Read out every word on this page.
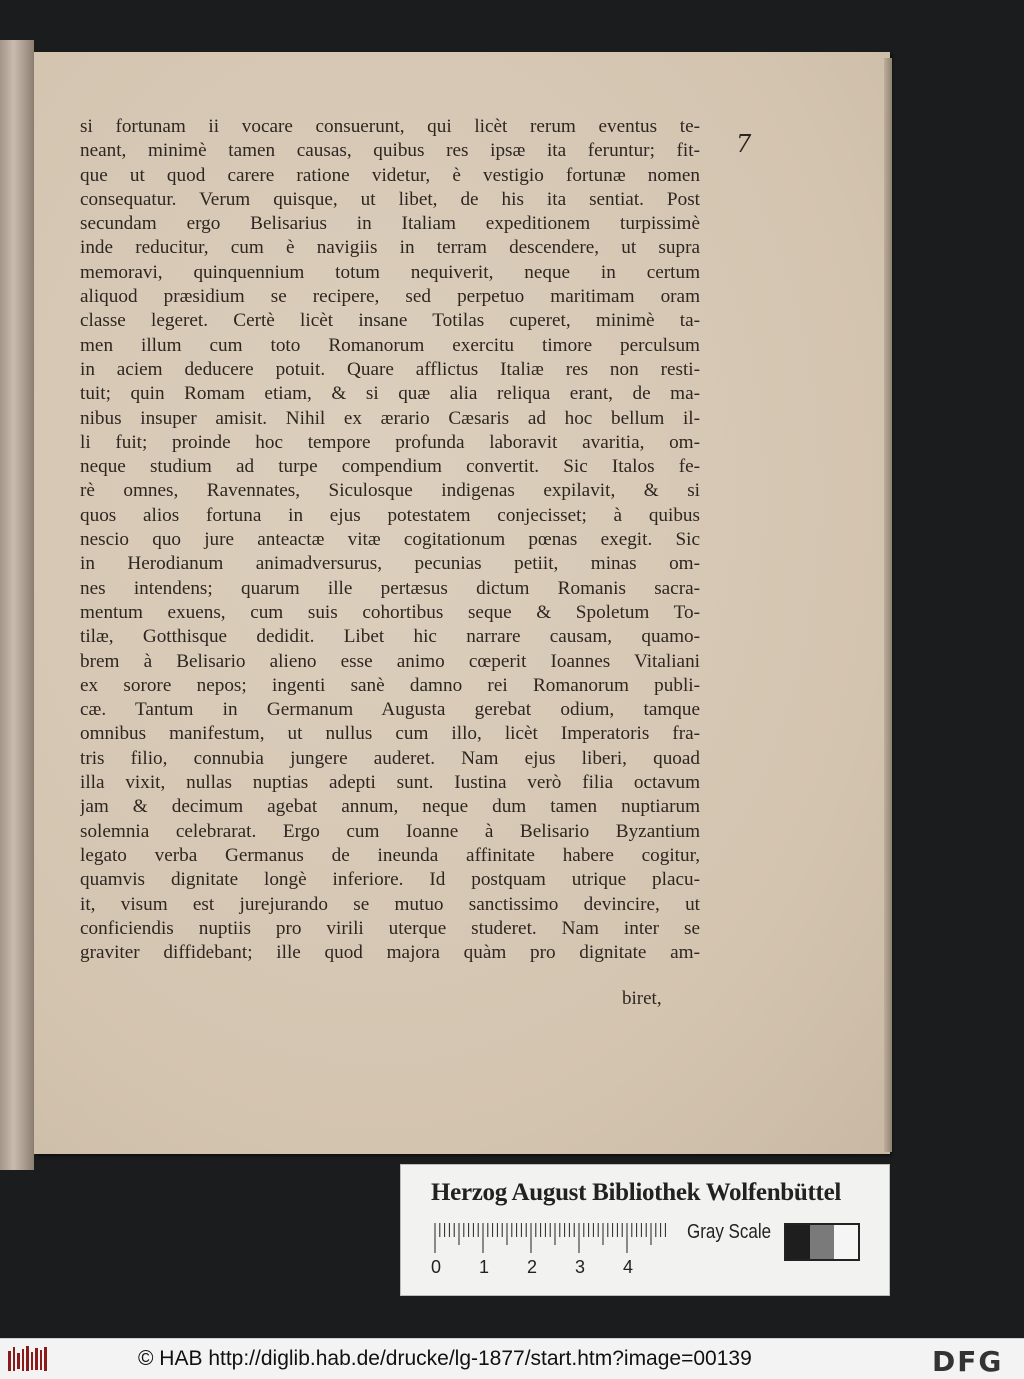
7
si fortunam ii vocare consuerunt, qui licèt rerum eventus te-
neant, minimè tamen causas, quibus res ipsæ ita feruntur; fit-
que ut quod carere ratione videtur, è vestigio fortunæ nomen
consequatur. Verum quisque, ut libet, de his ita sentiat. Post
secundam ergo Belisarius in Italiam expeditionem turpissimè
inde reducitur, cum è navigiis in terram descendere, ut supra
memoravi, quinquennium totum nequiverit, neque in certum
aliquod præsidium se recipere, sed perpetuo maritimam oram
classe legeret. Certè licèt insane Totilas cuperet, minimè ta-
men illum cum toto Romanorum exercitu timore perculsum
in aciem deducere potuit. Quare afflictus Italiæ res non resti-
tuit; quin Romam etiam, & si quæ alia reliqua erant, de ma-
nibus insuper amisit. Nihil ex ærario Cæsaris ad hoc bellum il-
li fuit; proinde hoc tempore profunda laboravit avaritia, om-
neque studium ad turpe compendium convertit. Sic Italos fe-
rè omnes, Ravennates, Siculosque indigenas expilavit, & si
quos alios fortuna in ejus potestatem conjecisset; à quibus
nescio quo jure anteactæ vitæ cogitationum pœnas exegit. Sic
in Herodianum animadversurus, pecunias petiit, minas om-
nes intendens; quarum ille pertæsus dictum Romanis sacra-
mentum exuens, cum suis cohortibus seque & Spoletum To-
tilæ, Gotthisque dedidit. Libet hic narrare causam, quamo-
brem à Belisario alieno esse animo cœperit Ioannes Vitaliani
ex sorore nepos; ingenti sanè damno rei Romanorum publi-
cæ. Tantum in Germanum Augusta gerebat odium, tamque
omnibus manifestum, ut nullus cum illo, licèt Imperatoris fra-
tris filio, connubia jungere auderet. Nam ejus liberi, quoad
illa vixit, nullas nuptias adepti sunt. Iustina verò filia octavum
jam & decimum agebat annum, neque dum tamen nuptiarum
solemnia celebrarat. Ergo cum Ioanne à Belisario Byzantium
legato verba Germanus de ineunda affinitate habere cogitur,
quamvis dignitate longè inferiore. Id postquam utrique placu-
it, visum est jurejurando se mutuo sanctissimo devincire, ut
conficiendis nuptiis pro virili uterque studeret. Nam inter se
graviter diffidebant; ille quod majora quàm pro dignitate am-
biret,
Herzog August Bibliothek Wolfenbüttel
0 1 2 3 4
Gray Scale
© HAB http://diglib.hab.de/drucke/lg-1877/start.htm?image=00139	DFG
